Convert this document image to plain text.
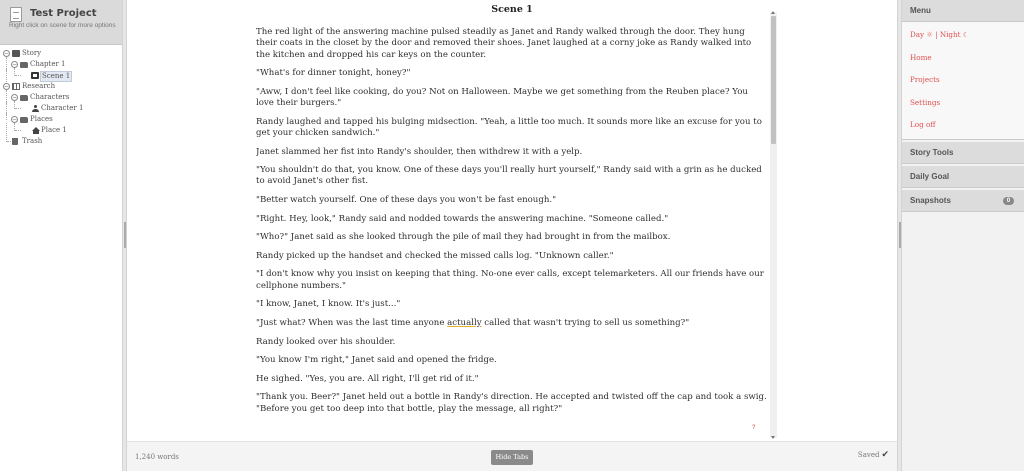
Test Project
Right click on scene for more options
− Story
− Chapter 1
Scene 1
− Research
− Characters
Character 1
− Places
Place 1
Trash
Scene 1

The red light of the answering machine pulsed steadily as Janet and Randy walked through the door. They hung their coats in the closet by the door and removed their shoes. Janet laughed at a corny joke as Randy walked into the kitchen and dropped his car keys on the counter.

"What's for dinner tonight, honey?"

"Aww, I don't feel like cooking, do you? Not on Halloween. Maybe we get something from the Reuben place? You love their burgers."

Randy laughed and tapped his bulging midsection. "Yeah, a little too much. It sounds more like an excuse for you to get your chicken sandwich."

Janet slammed her fist into Randy's shoulder, then withdrew it with a yelp.

"You shouldn't do that, you know. One of these days you'll really hurt yourself," Randy said with a grin as he ducked to avoid Janet's other fist.

"Better watch yourself. One of these days you won't be fast enough."

"Right. Hey, look," Randy said and nodded towards the answering machine. "Someone called."

"Who?" Janet said as she looked through the pile of mail they had brought in from the mailbox.

Randy picked up the handset and checked the missed calls log. "Unknown caller."

"I don't know why you insist on keeping that thing. No-one ever calls, except telemarketers. All our friends have our cellphone numbers."

"I know, Janet, I know. It's just..."

"Just what? When was the last time anyone actually called that wasn't trying to sell us something?"

Randy looked over his shoulder.

"You know I'm right," Janet said and opened the fridge.

He sighed. "Yes, you are. All right, I'll get rid of it."

"Thank you. Beer?" Janet held out a bottle in Randy's direction. He accepted and twisted off the cap and took a swig. "Before you get too deep into that bottle, play the message, all right?"

?
1,240 words	Hide Tabs	Saved ✔
Menu
Day ☼ | Night ☾
Home
Projects
Settings
Log off
Story Tools
Daily Goal
Snapshots	0
